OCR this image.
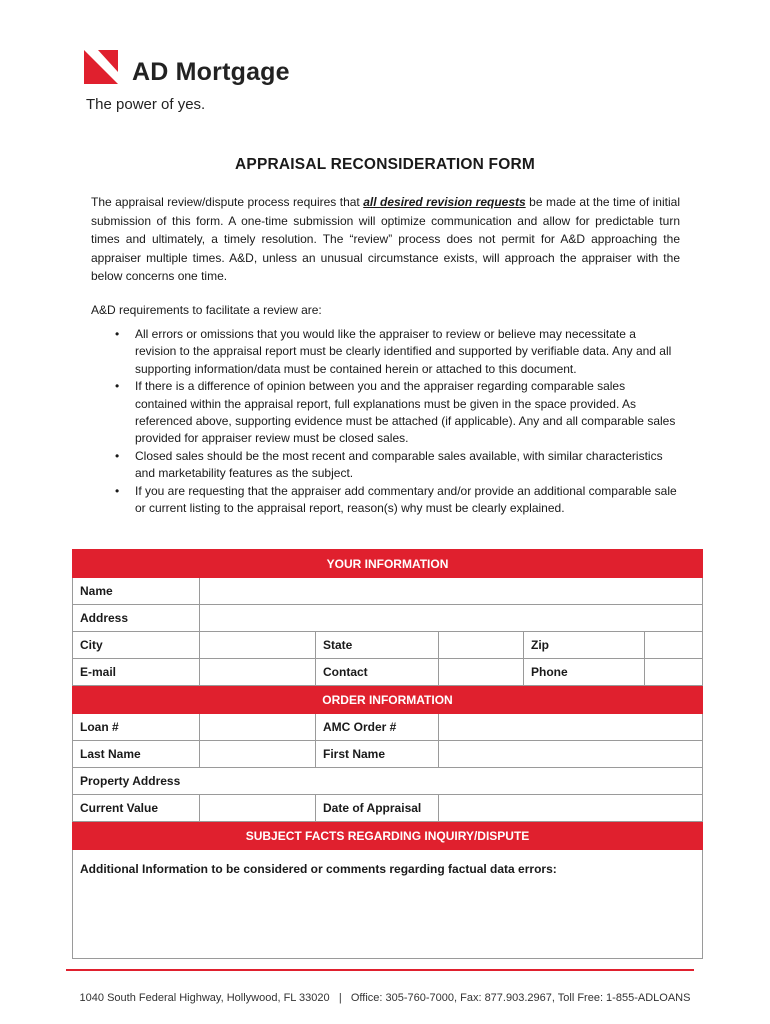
AD Mortgage
The power of yes.
APPRAISAL RECONSIDERATION FORM

The appraisal review/dispute process requires that all desired revision requests be made at the time of initial submission of this form. A one-time submission will optimize communication and allow for predictable turn times and ultimately, a timely resolution. The “review” process does not permit for A&D approaching the appraiser multiple times. A&D, unless an unusual circumstance exists, will approach the appraiser with the below concerns one time.

A&D requirements to facilitate a review are:

• All errors or omissions that you would like the appraiser to review or believe may necessitate a revision to the appraisal report must be clearly identified and supported by verifiable data. Any and all supporting information/data must be contained herein or attached to this document.
• If there is a difference of opinion between you and the appraiser regarding comparable sales contained within the appraisal report, full explanations must be given in the space provided. As referenced above, supporting evidence must be attached (if applicable). Any and all comparable sales provided for appraiser review must be closed sales.
• Closed sales should be the most recent and comparable sales available, with similar characteristics and marketability features as the subject.
• If you are requesting that the appraiser add commentary and/or provide an additional comparable sale or current listing to the appraisal report, reason(s) why must be clearly explained.
YOUR INFORMATION					
Name					
Address					
City		State		Zip	
E-mail		Contact		Phone	
ORDER INFORMATION					
Loan #		AMC Order #			
Last Name		First Name			
Property Address					
Current Value		Date of Appraisal			
SUBJECT FACTS REGARDING INQUIRY/DISPUTE					
Additional Information to be considered or comments regarding factual data errors:					
1040 South Federal Highway, Hollywood, FL 33020 | Office: 305-760-7000, Fax: 877.903.2967, Toll Free: 1-855-ADLOANS
